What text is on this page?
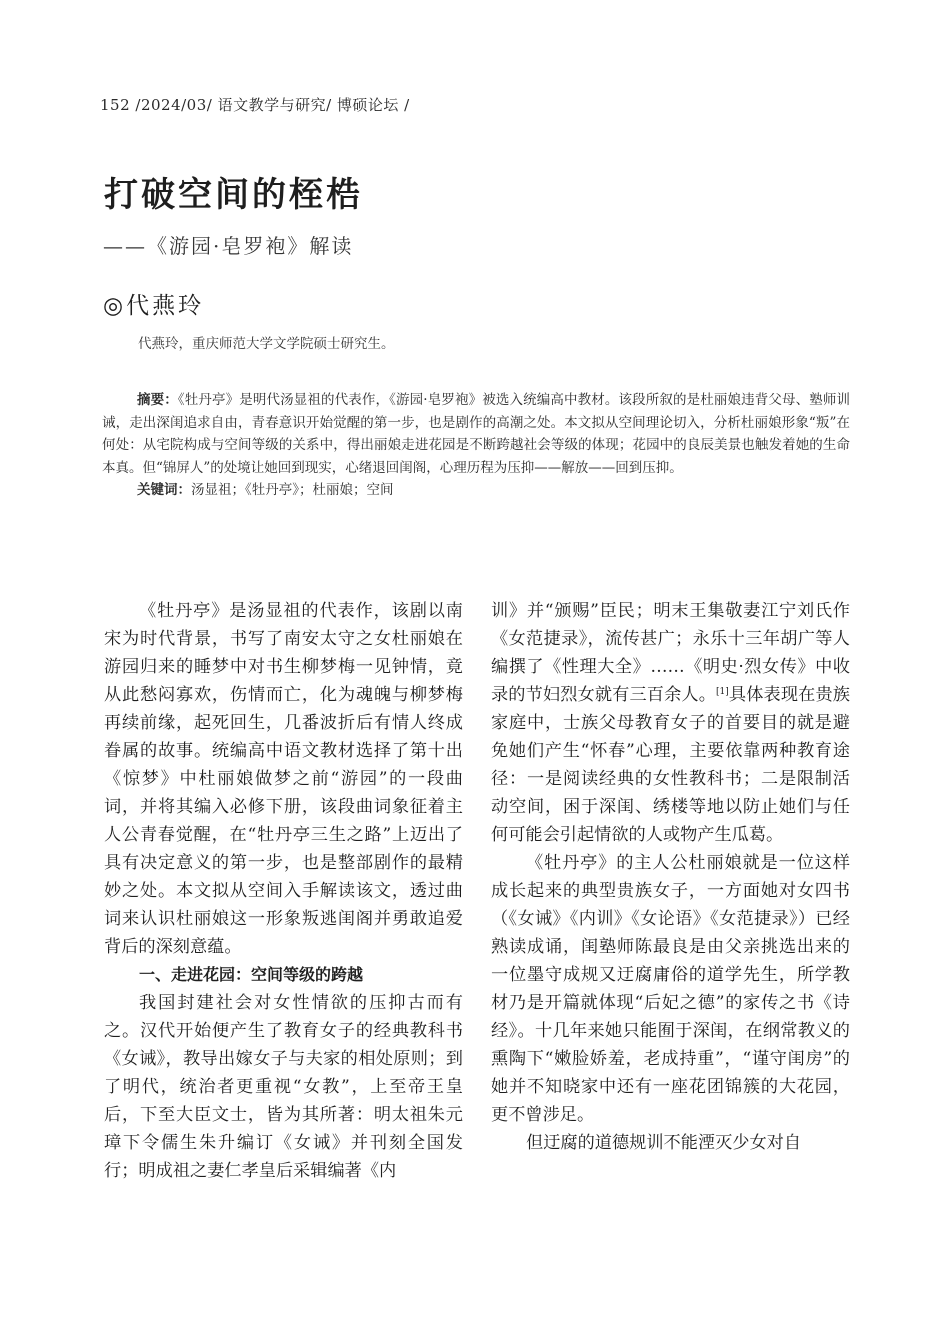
152 /2024/03/ 语文教学与研究/ 博硕论坛 /
打破空间的桎梏
——《游园·皂罗袍》解读
◎代燕玲
代燕玲，重庆师范大学文学院硕士研究生。
摘要：《牡丹亭》是明代汤显祖的代表作，《游园·皂罗袍》被选入统编高中教材。该段所叙的是杜丽娘违背父母、塾师训诫，走出深闺追求自由，青春意识开始觉醒的第一步，也是剧作的高潮之处。本文拟从空间理论切入，分析杜丽娘形象“叛”在何处：从宅院构成与空间等级的关系中，得出丽娘走进花园是不断跨越社会等级的体现；花园中的良辰美景也触发着她的生命本真。但“锦屏人”的处境让她回到现实，心绪退回闺阁，心理历程为压抑——解放——回到压抑。
关键词：汤显祖；《牡丹亭》；杜丽娘；空间

《牡丹亭》是汤显祖的代表作，该剧以南宋为时代背景，书写了南安太守之女杜丽娘在游园归来的睡梦中对书生柳梦梅一见钟情，竟从此愁闷寡欢，伤情而亡，化为魂魄与柳梦梅再续前缘，起死回生，几番波折后有情人终成眷属的故事。统编高中语文教材选择了第十出《惊梦》中杜丽娘做梦之前“游园”的一段曲词，并将其编入必修下册，该段曲词象征着主人公青春觉醒，在“牡丹亭三生之路”上迈出了具有决定意义的第一步，也是整部剧作的最精妙之处。本文拟从空间入手解读该文，透过曲词来认识杜丽娘这一形象叛逃闺阁并勇敢追爱背后的深刻意蕴。

一、走进花园：空间等级的跨越

我国封建社会对女性情欲的压抑古而有之。汉代开始便产生了教育女子的经典教科书《女诫》，教导出嫁女子与夫家的相处原则；到了明代，统治者更重视“女教”，上至帝王皇后，下至大臣文士，皆为其所著：明太祖朱元璋下令儒生朱升编订《女诫》并刊刻全国发行；明成祖之妻仁孝皇后采辑编著《内

训》并“颁赐”臣民；明末王集敬妻江宁刘氏作《女范捷录》，流传甚广；永乐十三年胡广等人编撰了《性理大全》……《明史·烈女传》中收录的节妇烈女就有三百余人。[1]具体表现在贵族家庭中，士族父母教育女子的首要目的就是避免她们产生“怀春”心理，主要依靠两种教育途径：一是阅读经典的女性教科书；二是限制活动空间，困于深闺、绣楼等地以防止她们与任何可能会引起情欲的人或物产生瓜葛。

《牡丹亭》的主人公杜丽娘就是一位这样成长起来的典型贵族女子，一方面她对女四书（《女诫》《内训》《女论语》《女范捷录》）已经熟读成诵，闺塾师陈最良是由父亲挑选出来的一位墨守成规又迂腐庸俗的道学先生，所学教材乃是开篇就体现“后妃之德”的家传之书《诗经》。十几年来她只能囿于深闺，在纲常教义的熏陶下“嫩脸娇羞，老成持重”，“谨守闺房”的她并不知晓家中还有一座花团锦簇的大花园，更不曾涉足。

但迂腐的道德规训不能湮灭少女对自
